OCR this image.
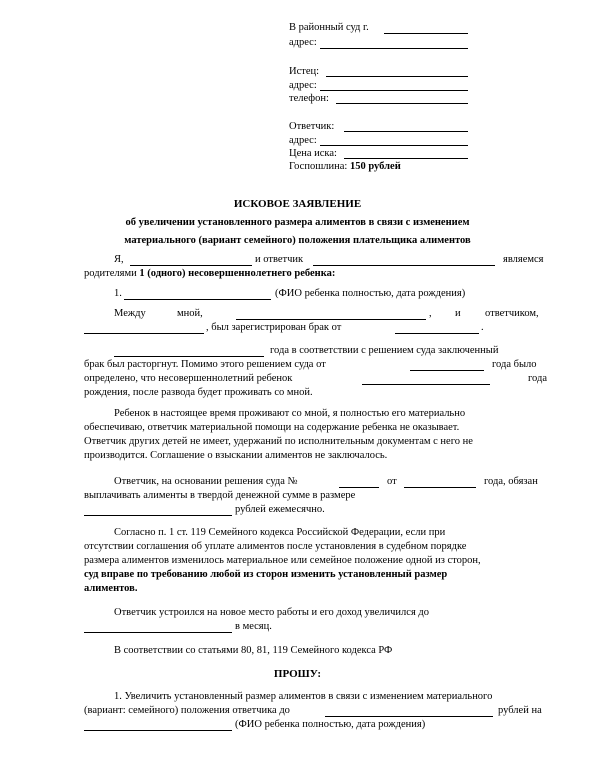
В районный суд г.
адрес:
Истец:
адрес:
телефон:
Ответчик:
адрес:
Цена иска:
Госпошлина: 150 рублей
ИСКОВОЕ ЗАЯВЛЕНИЕ
об увеличении установленного размера алиментов в связи с изменением
материального (вариант семейного) положения плательщика алиментов
Я,	и ответчик	являемся
родителями 1 (одного) несовершеннолетнего ребенка:
1.	(ФИО ребенка полностью, дата рождения)
Между	мной,	, и ответчиком,
, был зарегистрирован брак от	.
года в соответствии с решением суда заключенный
брак был расторгнут. Помимо этого решением суда от	года было
определено, что несовершеннолетний ребенок	года
рождения, после развода будет проживать со мной.
Ребенок в настоящее время проживают со мной, я полностью его материально
обеспечиваю, ответчик материальной помощи на содержание ребенка не оказывает.
Ответчик других детей не имеет, удержаний по исполнительным документам с него не
производится. Соглашение о взыскании алиментов не заключалось.
Ответчик, на основании решения суда №	от	года, обязан
выплачивать алименты в твердой денежной сумме в размере
рублей ежемесячно.
Согласно п. 1 ст. 119 Семейного кодекса Российской Федерации, если при
отсутствии соглашения об уплате алиментов после установления в судебном порядке
размера алиментов изменилось материальное или семейное положение одной из сторон,
суд вправе по требованию любой из сторон изменить установленный размер
алиментов.
Ответчик устроился на новое место работы и его доход увеличился до
в месяц.
В соответствии со статьями 80, 81, 119 Семейного кодекса РФ
ПРОШУ:
1. Увеличить установленный размер алиментов в связи с изменением материального
(вариант: семейного) положения ответчика до	рублей на
(ФИО ребенка полностью, дата рождения)
